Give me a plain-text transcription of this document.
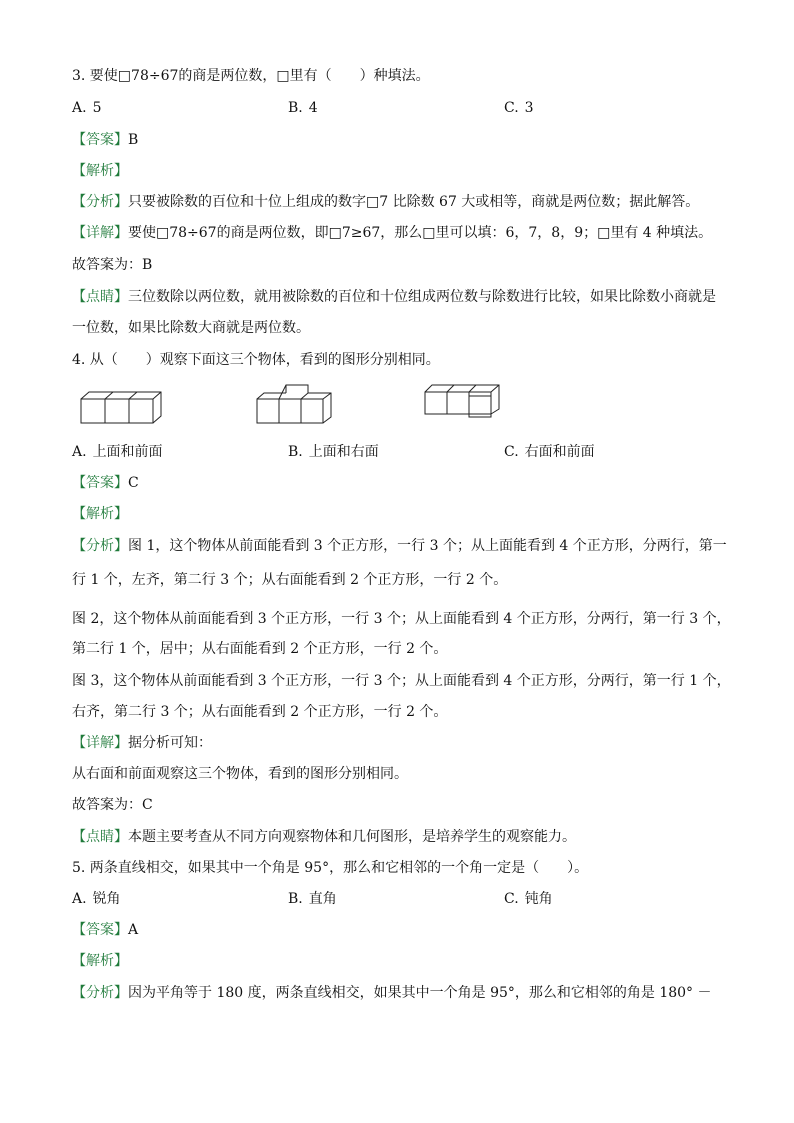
3. 要使□78÷67的商是两位数，□里有（　　）种填法。
A. 5	B. 4	C. 3
【答案】B
【解析】
【分析】只要被除数的百位和十位上组成的数字□7 比除数 67 大或相等，商就是两位数；据此解答。
【详解】要使□78÷67的商是两位数，即□7≥67，那么□里可以填：6，7，8，9；□里有 4 种填法。
故答案为：B
【点睛】三位数除以两位数，就用被除数的百位和十位组成两位数与除数进行比较，如果比除数小商就是
一位数，如果比除数大商就是两位数。
4. 从（　　）观察下面这三个物体，看到的图形分别相同。
A. 上面和前面	B. 上面和右面	C. 右面和前面
【答案】C
【解析】
【分析】图 1，这个物体从前面能看到 3 个正方形，一行 3 个；从上面能看到 4 个正方形，分两行，第一
行 1 个，左齐，第二行 3 个；从右面能看到 2 个正方形，一行 2 个。
图 2，这个物体从前面能看到 3 个正方形，一行 3 个；从上面能看到 4 个正方形，分两行，第一行 3 个，
第二行 1 个，居中；从右面能看到 2 个正方形，一行 2 个。
图 3，这个物体从前面能看到 3 个正方形，一行 3 个；从上面能看到 4 个正方形，分两行，第一行 1 个，
右齐，第二行 3 个；从右面能看到 2 个正方形，一行 2 个。
【详解】据分析可知：
从右面和前面观察这三个物体，看到的图形分别相同。
故答案为：C
【点睛】本题主要考查从不同方向观察物体和几何图形，是培养学生的观察能力。
5. 两条直线相交，如果其中一个角是 95°，那么和它相邻的一个角一定是（　　）。
A. 锐角	B. 直角	C. 钝角
【答案】A
【解析】
【分析】因为平角等于 180 度，两条直线相交，如果其中一个角是 95°，那么和它相邻的角是 180° －
